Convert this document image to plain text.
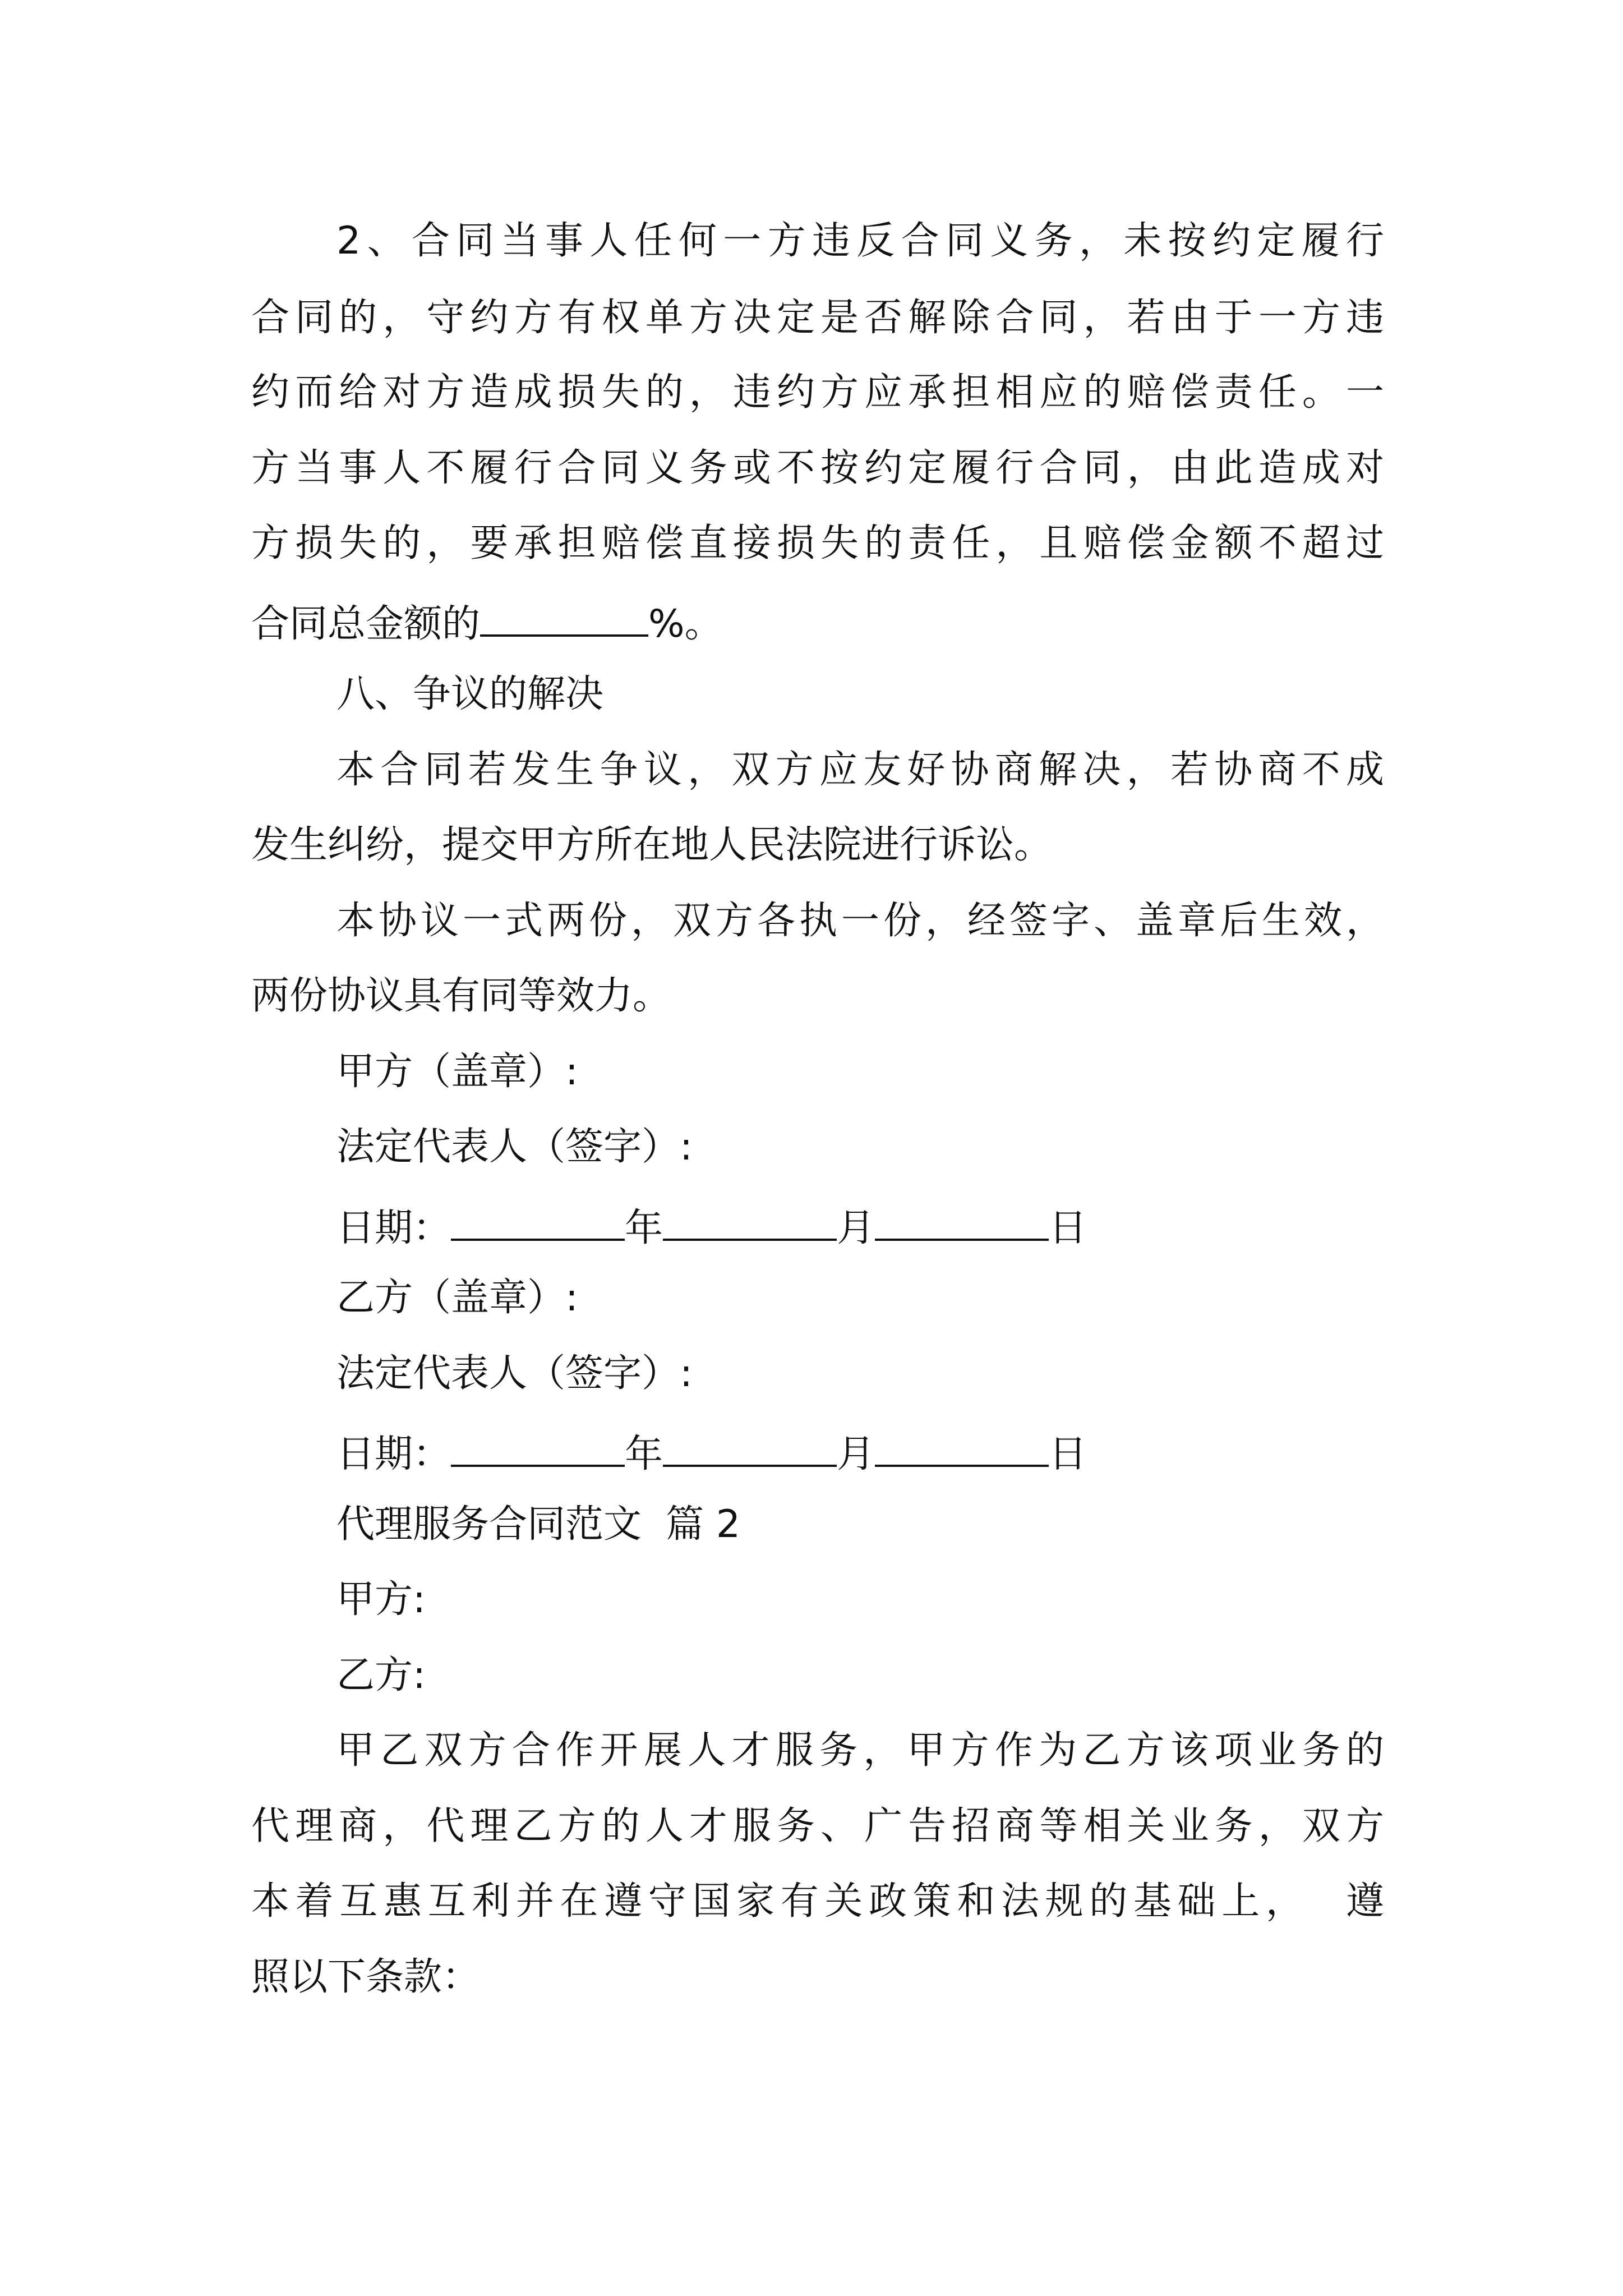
2、合同当事人任何一方违反合同义务，未按约定履行

合同的，守约方有权单方决定是否解除合同，若由于一方违

约而给对方造成损失的，违约方应承担相应的赔偿责任。一

方当事人不履行合同义务或不按约定履行合同，由此造成对

方损失的，要承担赔偿直接损失的责任，且赔偿金额不超过

合同总金额的	%。

八、争议的解决

本合同若发生争议，双方应友好协商解决，若协商不成

发生纠纷，提交甲方所在地人民法院进行诉讼。

本协议一式两份，双方各执一份，经签字、盖章后生效，

两份协议具有同等效力。

甲方（盖章）:

法定代表人（签字）:

日期：	年	月	日

乙方（盖章）:

法定代表人（签字）:

日期：	年	月	日

代理服务合同范文  篇 2

甲方:

乙方:

甲乙双方合作开展人才服务，甲方作为乙方该项业务的

代理商，代理乙方的人才服务、广告招商等相关业务，双方

本着互惠互利并在遵守国家有关政策和法规的基础上，  遵

照以下条款：
